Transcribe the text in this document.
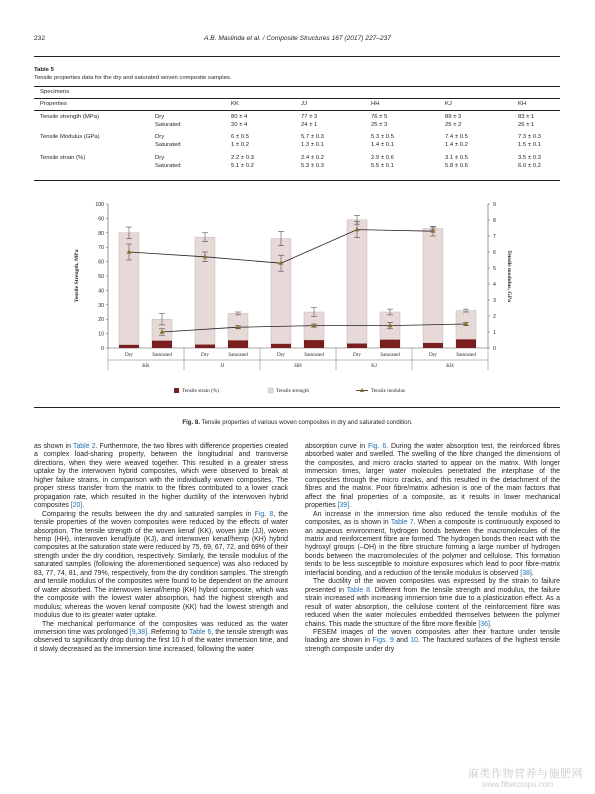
232	A.B. Maslinda et al. / Composite Structures 167 (2017) 227–237
Table 5
Tensile properties data for the dry and saturated woven composite samples.
Specimens
Properties	KK	JJ	HH	KJ	KH
Tensile strength (MPa)	Dry	80 ± 4	77 ± 3	76 ± 5	89 ± 3	83 ± 1
Saturated	20 ± 4	24 ± 1	25 ± 3	25 ± 2	26 ± 1
Tensile Modulus (GPa)	Dry	6 ± 0.5	5.7 ± 0.3	5.3 ± 0.5	7.4 ± 0.5	7.3 ± 0.3
Saturated	1 ± 0.2	1.3 ± 0.1	1.4 ± 0.1	1.4 ± 0.2	1.5 ± 0.1
Tensile strain (%)	Dry	2.2 ± 0.3	2.4 ± 0.2	2.9 ± 0.6	3.1 ± 0.5	3.5 ± 0.3
Saturated	5.1 ± 0.2	5.3 ± 0.3	5.5 ± 0.1	5.8 ± 0.6	6.0 ± 0.2
0
10
20
30
40
50
60
70
80
90
100
0
1
2
3
4
5
6
7
8
9
Tensile Strength, MPa	Tensile modulus, GPa
Dry	Saturated	Dry	Saturated	Dry	Saturated	Dry	Saturated	Dry	Saturated
KK	JJ	HH	KJ	KH
Tensile strain (%)	Tensile strength	Tensile modulus
Fig. 8. Tensile properties of various woven composites in dry and saturated condition.

as shown in Table 2. Furthermore, the two fibres with difference properties created a complex load-sharing property, between the longitudinal and transverse directions, when they were weaved together. This resulted in a greater stress uptake by the interwoven hybrid composites, which were observed to break at higher failure strains, in comparison with the individually woven composites. The proper stress transfer from the matrix to the fibres contributed to a lower crack propagation rate, which resulted in the higher ductility of the interwoven hybrid composites [20].

Comparing the results between the dry and saturated samples in Fig. 8, the tensile properties of the woven composites were reduced by the effects of water absorption. The tensile strength of the woven kenaf (KK), woven jute (JJ), woven hemp (HH), interwoven kenaf/jute (KJ), and interwoven kenaf/hemp (KH) hybrid composites at the saturation state were reduced by 75, 69, 67, 72, and 69% of their strength under the dry condition, respectively. Similarly, the tensile modulus of the saturated samples (following the aforementioned sequence) was also reduced by 83, 77, 74, 81, and 79%, respectively, from the dry condition samples. The strength and tensile modulus of the composites were found to be dependent on the amount of water absorbed. The interwoven kenaf/hemp (KH) hybrid composite, which was the composite with the lowest water absorption, had the highest strength and modulus; whereas the woven kenaf composite (KK) had the lowest strength and modulus due to its greater water uptake.

The mechanical performance of the composites was reduced as the water immersion time was prolonged [9,38]. Referring to Table 6, the tensile strength was observed to significantly drop during the first 10 h of the water immersion time, and it slowly decreased as the immersion time increased, following the water

absorption curve in Fig. 6. During the water absorption test, the reinforced fibres absorbed water and swelled. The swelling of the fibre changed the dimensions of the composites, and micro cracks started to appear on the matrix. With longer immersion times, larger water molecules penetrated the interphase of the composites through the micro cracks, and this resulted in the detachment of the fibres and the matrix. Poor fibre/matrix adhesion is one of the main factors that affect the final properties of a composite, as it results in lower mechanical properties [39].

An increase in the immersion time also reduced the tensile modulus of the composites, as is shown in Table 7. When a composite is continuously exposed to an aqueous environment, hydrogen bonds between the macromolecules of the matrix and reinforcement fibre are formed. The hydrogen bonds then react with the hydroxyl groups (–OH) in the fibre structure forming a large number of hydrogen bonds between the macromolecules of the polymer and cellulose. This formation tends to be less susceptible to moisture exposures which lead to poor fibre-matrix interfacial bonding, and a reduction of the tensile modulus is observed [38].

The ductility of the woven composites was expressed by the strain to failure presented in Table 8. Different from the tensile strength and modulus, the failure strain increased with increasing immersion time due to a plasticization effect. As a result of water absorption, the cellulose content of the reinforcement fibre was reduced when the water molecules embedded themselves between the polymer chains. This made the structure of the fibre more flexible [36].

FESEM images of the woven composites after their fracture under tensile loading are shown in Figs. 9 and 10. The fractured surfaces of the highest tensile strength composite under dry

麻类作物营养与施肥网
www.fibercrops.com
